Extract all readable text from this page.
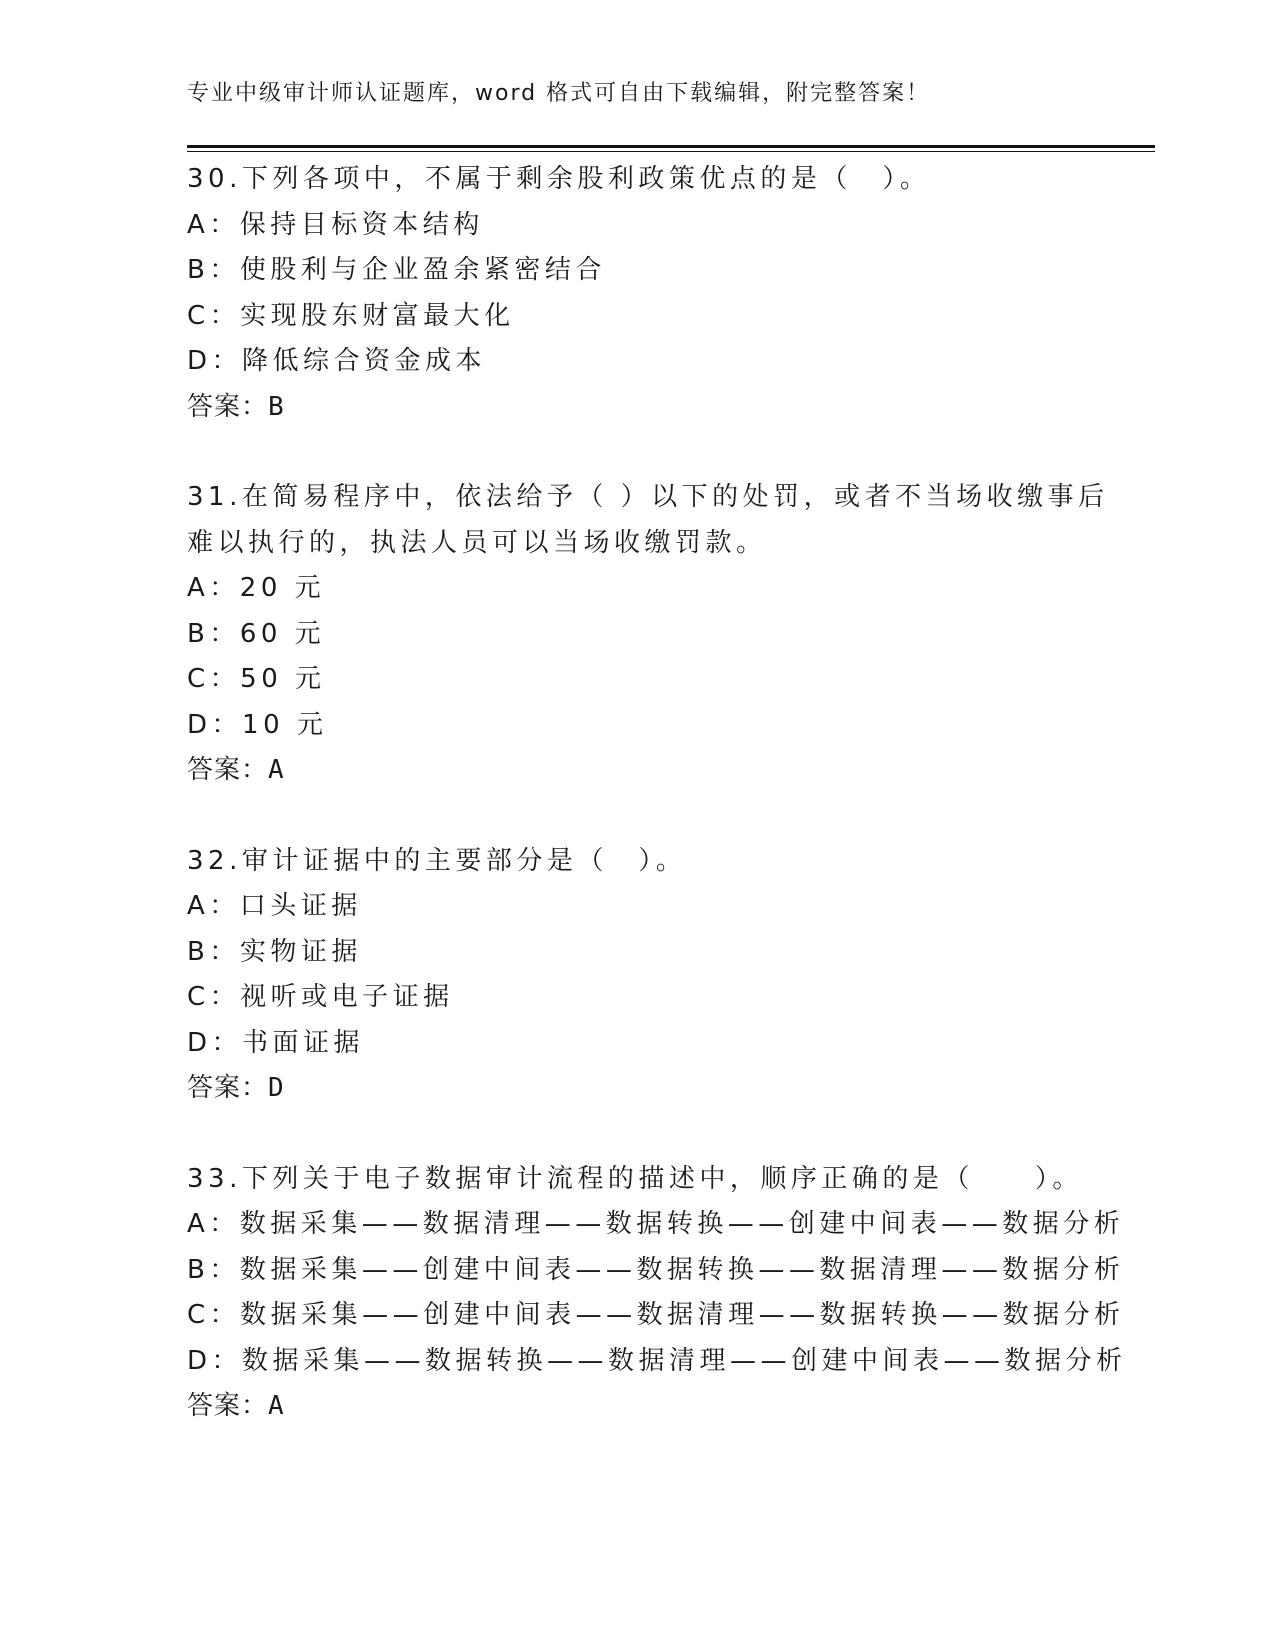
专业中级审计师认证题库，word 格式可自由下载编辑，附完整答案！
30.下列各项中，不属于剩余股利政策优点的是（　）。
A：保持目标资本结构
B：使股利与企业盈余紧密结合
C：实现股东财富最大化
D：降低综合资金成本
答案：B
31.在简易程序中，依法给予（ ）以下的处罚，或者不当场收缴事后
难以执行的，执法人员可以当场收缴罚款。
A：20 元
B：60 元
C：50 元
D：10 元
答案：A
32.审计证据中的主要部分是（　）。
A：口头证据
B：实物证据
C：视听或电子证据
D：书面证据
答案：D
33.下列关于电子数据审计流程的描述中，顺序正确的是（　　）。
A：数据采集——数据清理——数据转换——创建中间表——数据分析
B：数据采集——创建中间表——数据转换——数据清理——数据分析
C：数据采集——创建中间表——数据清理——数据转换——数据分析
D：数据采集——数据转换——数据清理——创建中间表——数据分析
答案：A
